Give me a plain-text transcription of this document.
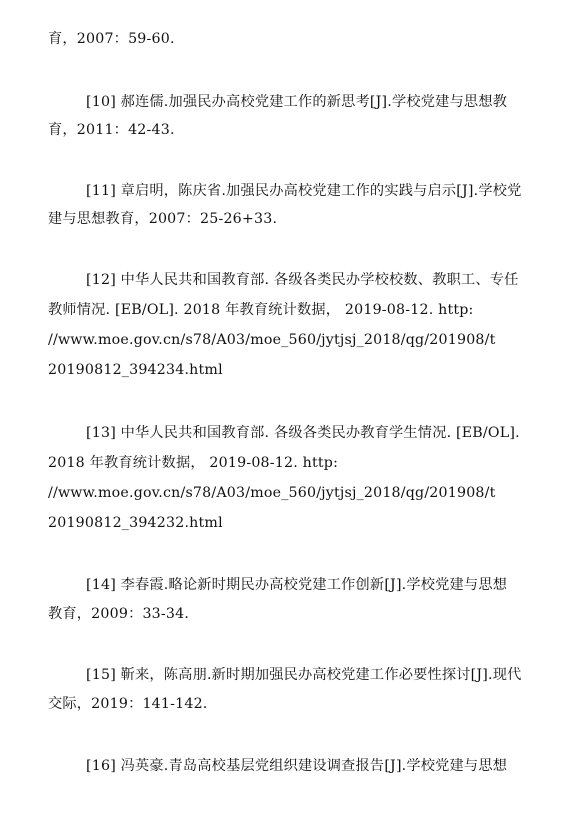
育，2007：59-60.
[10] 郝连儒.加强民办高校党建工作的新思考[J].学校党建与思想教
育，2011：42-43.
[11] 章启明，陈庆省.加强民办高校党建工作的实践与启示[J].学校党
建与思想教育，2007：25-26+33.
[12] 中华人民共和国教育部. 各级各类民办学校校数、教职工、专任
教师情况. [EB/OL]. 2018 年教育统计数据， 2019-08-12. http:
//www.moe.gov.cn/s78/A03/moe_560/jytjsj_2018/qg/201908/t
20190812_394234.html
[13] 中华人民共和国教育部. 各级各类民办教育学生情况. [EB/OL].
2018 年教育统计数据， 2019-08-12. http:
//www.moe.gov.cn/s78/A03/moe_560/jytjsj_2018/qg/201908/t
20190812_394232.html
[14] 李春霞.略论新时期民办高校党建工作创新[J].学校党建与思想
教育，2009：33-34.
[15] 靳来，陈高朋.新时期加强民办高校党建工作必要性探讨[J].现代
交际，2019：141-142.
[16] 冯英豪.青岛高校基层党组织建设调查报告[J].学校党建与思想
